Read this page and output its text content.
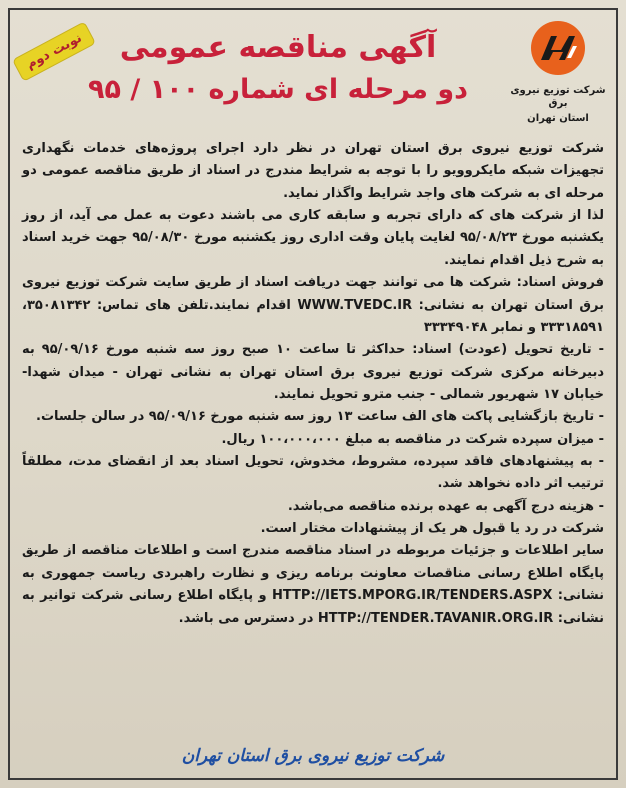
نوبت دوم	آگهی مناقصه عمومی
دو مرحله ای شماره ۱۰۰ / ۹۵	شرکت توزیع نیروی برق
استان تهران

شرکت توزیع نیروی برق استان تهران در نظر دارد اجرای پروژه‌های خدمات نگهداری تجهیزات شبکه مایکروویو را با توجه به شرایط مندرج در اسناد از طریق مناقصه عمومی دو مرحله ای به شرکت های واجد شرایط واگذار نماید.

لذا از شرکت های که دارای تجربه و سابقه کاری می باشند دعوت به عمل می آید، از روز یکشنبه مورخ ۹۵/۰۸/۲۳ لغایت پایان وقت اداری روز یکشنبه مورخ ۹۵/۰۸/۳۰ جهت خرید اسناد به شرح ذیل اقدام نمایند.

فروش اسناد: شرکت ها می توانند جهت دریافت اسناد از طریق سایت شرکت توزیع نیروی برق استان تهران به نشانی: WWW.TVEDC.IR اقدام نمایند.تلفن های تماس: ۳۵۰۸۱۳۴۲، ۳۳۳۱۸۵۹۱ و نمابر ۳۳۳۴۹۰۴۸

- تاریخ تحویل (عودت) اسناد: حداکثر تا ساعت ۱۰ صبح روز سه شنبه مورخ ۹۵/۰۹/۱۶ به دبیرخانه مرکزی شرکت توزیع نیروی برق استان تهران به نشانی تهران - میدان شهدا- خیابان ۱۷ شهریور شمالی - جنب مترو تحویل نمایند.

- تاریخ بازگشایی پاکت های الف ساعت ۱۳ روز سه شنبه مورخ ۹۵/۰۹/۱۶ در سالن جلسات.

- میزان سپرده شرکت در مناقصه به مبلغ ۱۰۰،۰۰۰،۰۰۰ ریال.

- به پیشنهادهای فاقد سپرده، مشروط، مخدوش، تحویل اسناد بعد از انقضای مدت، مطلقاً ترتیب اثر داده نخواهد شد.

- هزینه درج آگهی به عهده برنده مناقصه می‌باشد.

شرکت در رد یا قبول هر یک از پیشنهادات مختار است.

سایر اطلاعات و جزئیات مربوطه در اسناد مناقصه مندرج است و اطلاعات مناقصه از طریق پایگاه اطلاع رسانی مناقصات معاونت برنامه ریزی و نظارت راهبردی ریاست جمهوری به نشانی: HTTP://IETS.MPORG.IR/TENDERS.ASPX و پایگاه اطلاع رسانی شرکت توانیر به نشانی: HTTP://TENDER.TAVANIR.ORG.IR در دسترس می باشد.

شرکت توزیع نیروی برق استان تهران
